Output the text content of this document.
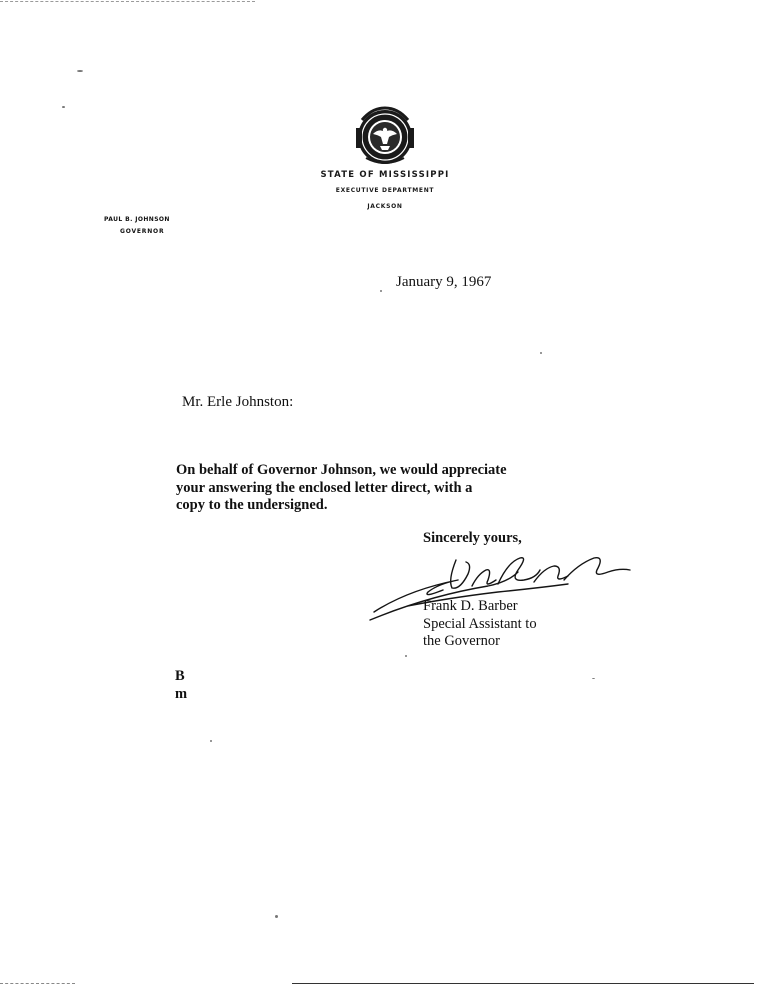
STATE OF MISSISSIPPI
EXECUTIVE DEPARTMENT
JACKSON
PAUL B. JOHNSON
GOVERNOR
January 9, 1967
Mr. Erle Johnston:
On behalf of Governor Johnson, we would appreciate
your answering the enclosed letter direct, with a
copy to the undersigned.
Sincerely yours,
Frank D. Barber
Special Assistant to
the Governor
B
m
